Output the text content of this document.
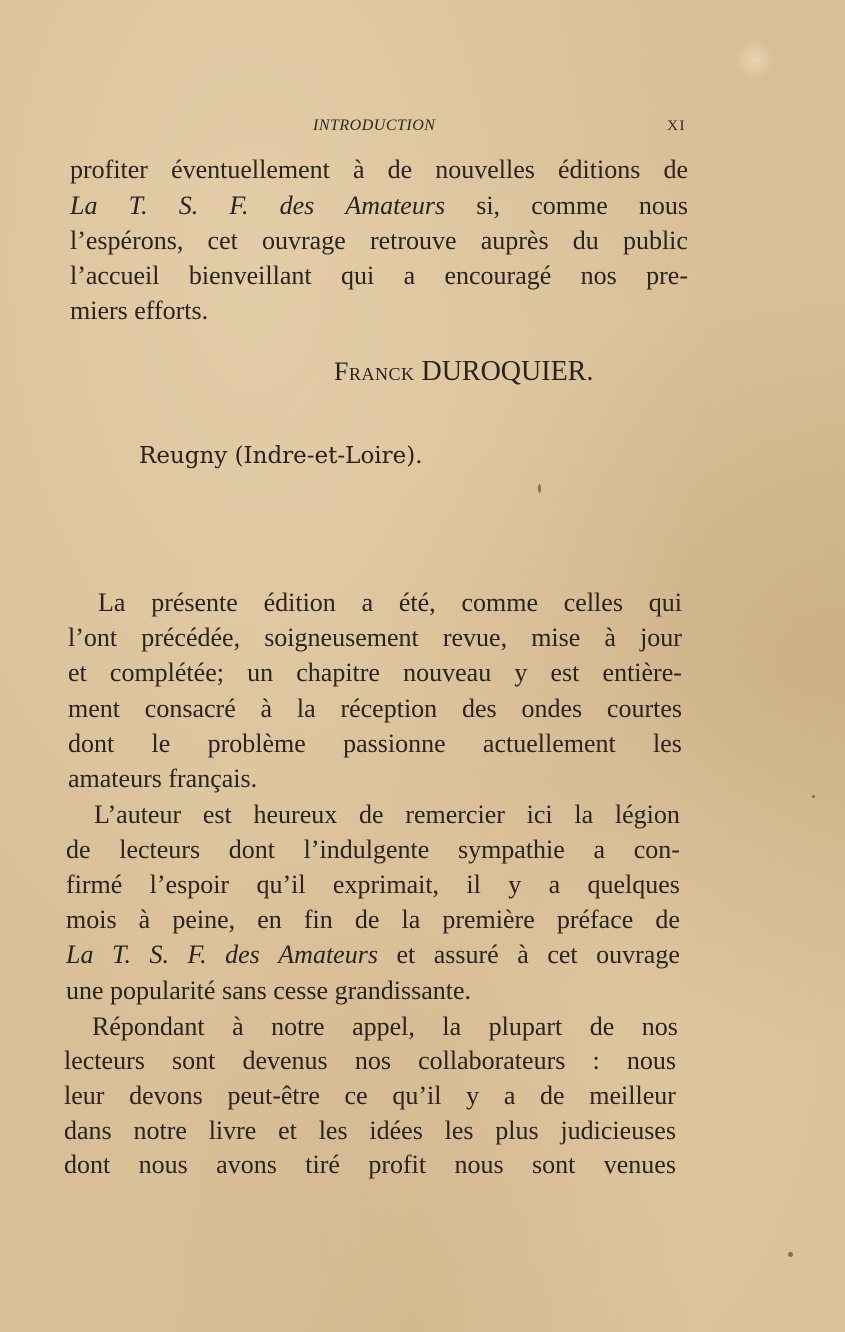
INTRODUCTION	XI
profiter éventuellement à de nouvelles éditions de
La T. S. F. des Amateurs si, comme nous
l’espérons, cet ouvrage retrouve auprès du public
l’accueil bienveillant qui a encouragé nos pre-
miers efforts.
Franck DUROQUIER.
Reugny (Indre-et-Loire).
La présente édition a été, comme celles qui
l’ont précédée, soigneusement revue, mise à jour
et complétée; un chapitre nouveau y est entière-
ment consacré à la réception des ondes courtes
dont le problème passionne actuellement les
amateurs français.
L’auteur est heureux de remercier ici la légion
de lecteurs dont l’indulgente sympathie a con-
firmé l’espoir qu’il exprimait, il y a quelques
mois à peine, en fin de la première préface de
La T. S. F. des Amateurs et assuré à cet ouvrage
une popularité sans cesse grandissante.
Répondant à notre appel, la plupart de nos
lecteurs sont devenus nos collaborateurs : nous
leur devons peut-être ce qu’il y a de meilleur
dans notre livre et les idées les plus judicieuses
dont nous avons tiré profit nous sont venues
